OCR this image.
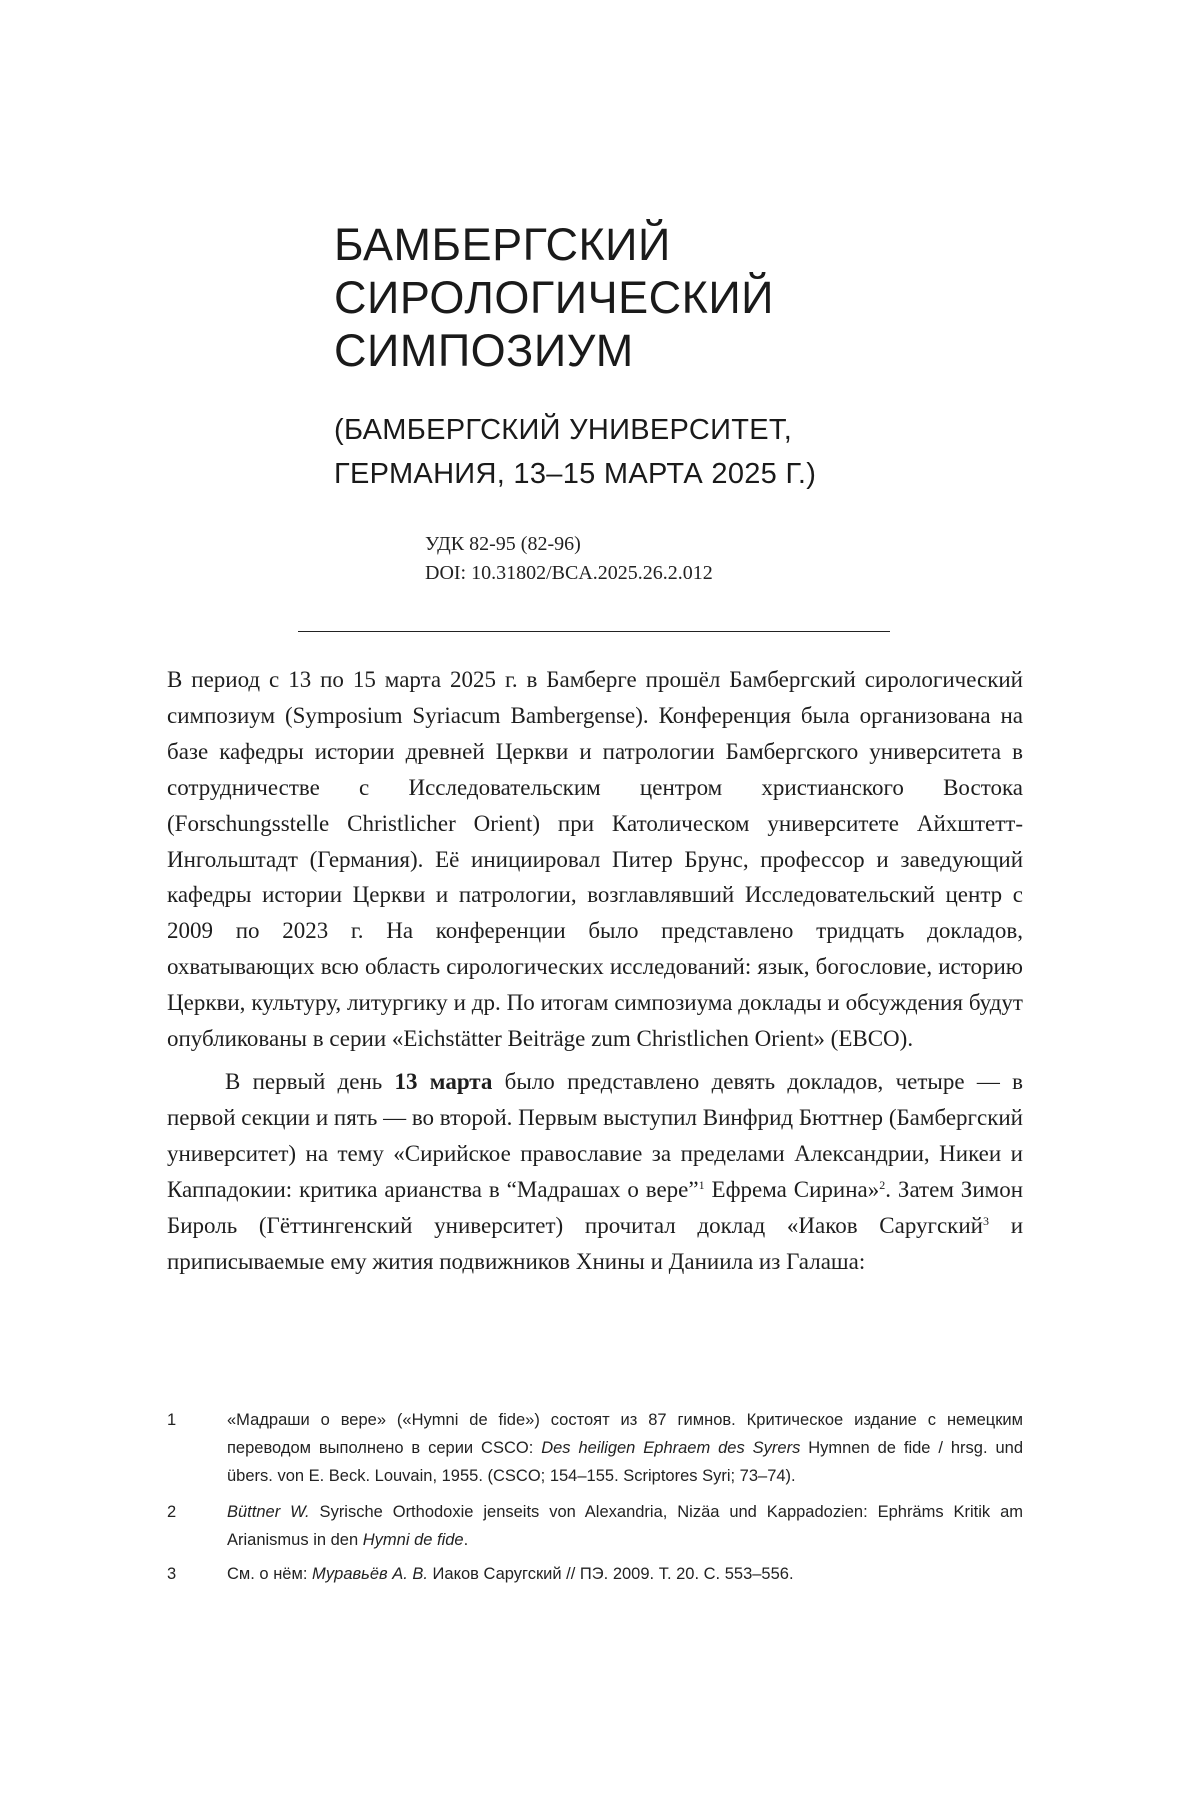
БАМБЕРГСКИЙ
СИРОЛОГИЧЕСКИЙ
СИМПОЗИУМ
(БАМБЕРГСКИЙ УНИВЕРСИТЕТ,
ГЕРМАНИЯ, 13–15 МАРТА 2025 Г.)
УДК 82-95 (82-96)
DOI: 10.31802/BCA.2025.26.2.012

В период с 13 по 15 марта 2025 г. в Бамберге прошёл Бамбергский сирологический симпозиум (Symposium Syriacum Bambergense). Конференция была организована на базе кафедры истории древней Церкви и патрологии Бамбергского университета в сотрудничестве с Исследовательским центром христианского Востока (Forschungsstelle Christlicher Orient) при Католическом университете Айхштетт-Ингольштадт (Германия). Её инициировал Питер Брунс, профессор и заведующий кафедры истории Церкви и патрологии, возглавлявший Исследовательский центр с 2009 по 2023 г. На конференции было представлено тридцать докладов, охватывающих всю область сирологических исследований: язык, богословие, историю Церкви, культуру, литургику и др. По итогам симпозиума доклады и обсуждения будут опубликованы в серии «Eichstätter Beiträge zum Christlichen Orient» (EBCO).

В первый день 13 марта было представлено девять докладов, четыре — в первой секции и пять — во второй. Первым выступил Винфрид Бюттнер (Бамбергский университет) на тему «Сирийское православие за пределами Александрии, Никеи и Каппадокии: критика арианства в “Мадрашах о вере”$^1$ Ефрема Сирина»$^2$. Затем Зимон Бироль (Гёттингенский университет) прочитал доклад «Иаков Саругский$^3$ и приписываемые ему жития подвижников Хнины и Даниила из Галаша:

1	«Мадраши о вере» («Hymni de fide») состоят из 87 гимнов. Критическое издание с немецким переводом выполнено в серии CSCO: Des heiligen Ephraem des Syrers Hymnen de fide / hrsg. und übers. von E. Beck. Louvain, 1955. (CSCO; 154–155. Scriptores Syri; 73–74).
2	Büttner W. Syrische Orthodoxie jenseits von Alexandria, Nizäa und Kappadozien: Ephräms Kritik am Arianismus in den Hymni de fide.
3	См. о нём: Муравьёв А. В. Иаков Саругский // ПЭ. 2009. Т. 20. С. 553–556.
